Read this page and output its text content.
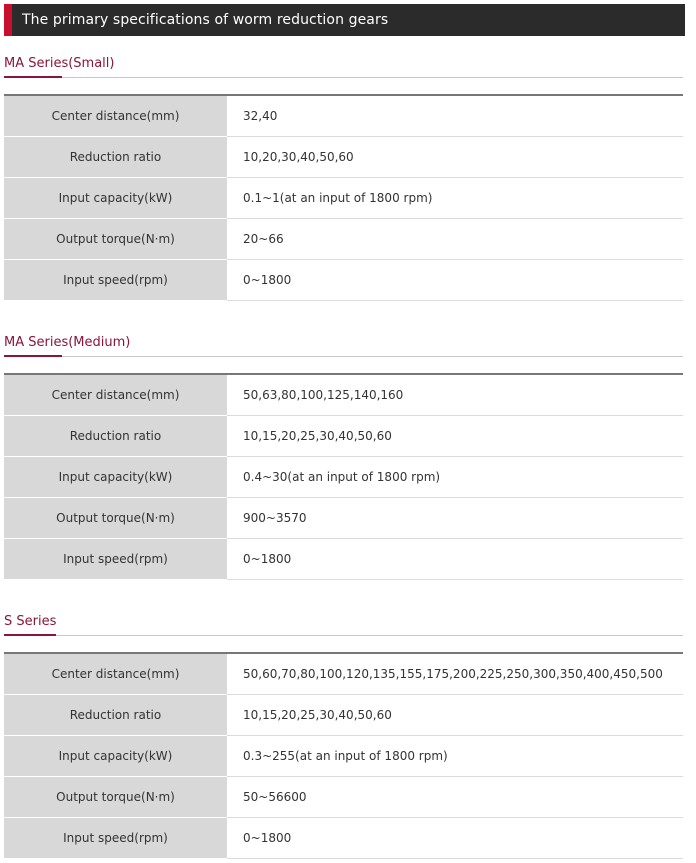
The primary specifications of worm reduction gears
MA Series(Small)
Center distance(mm)	32,40
Reduction ratio	10,20,30,40,50,60
Input capacity(kW)	0.1~1(at an input of 1800 rpm)
Output torque(N·m)	20~66
Input speed(rpm)	0~1800
MA Series(Medium)
Center distance(mm)	50,63,80,100,125,140,160
Reduction ratio	10,15,20,25,30,40,50,60
Input capacity(kW)	0.4~30(at an input of 1800 rpm)
Output torque(N·m)	900~3570
Input speed(rpm)	0~1800
S Series
Center distance(mm)	50,60,70,80,100,120,135,155,175,200,225,250,300,350,400,450,500
Reduction ratio	10,15,20,25,30,40,50,60
Input capacity(kW)	0.3~255(at an input of 1800 rpm)
Output torque(N·m)	50~56600
Input speed(rpm)	0~1800
